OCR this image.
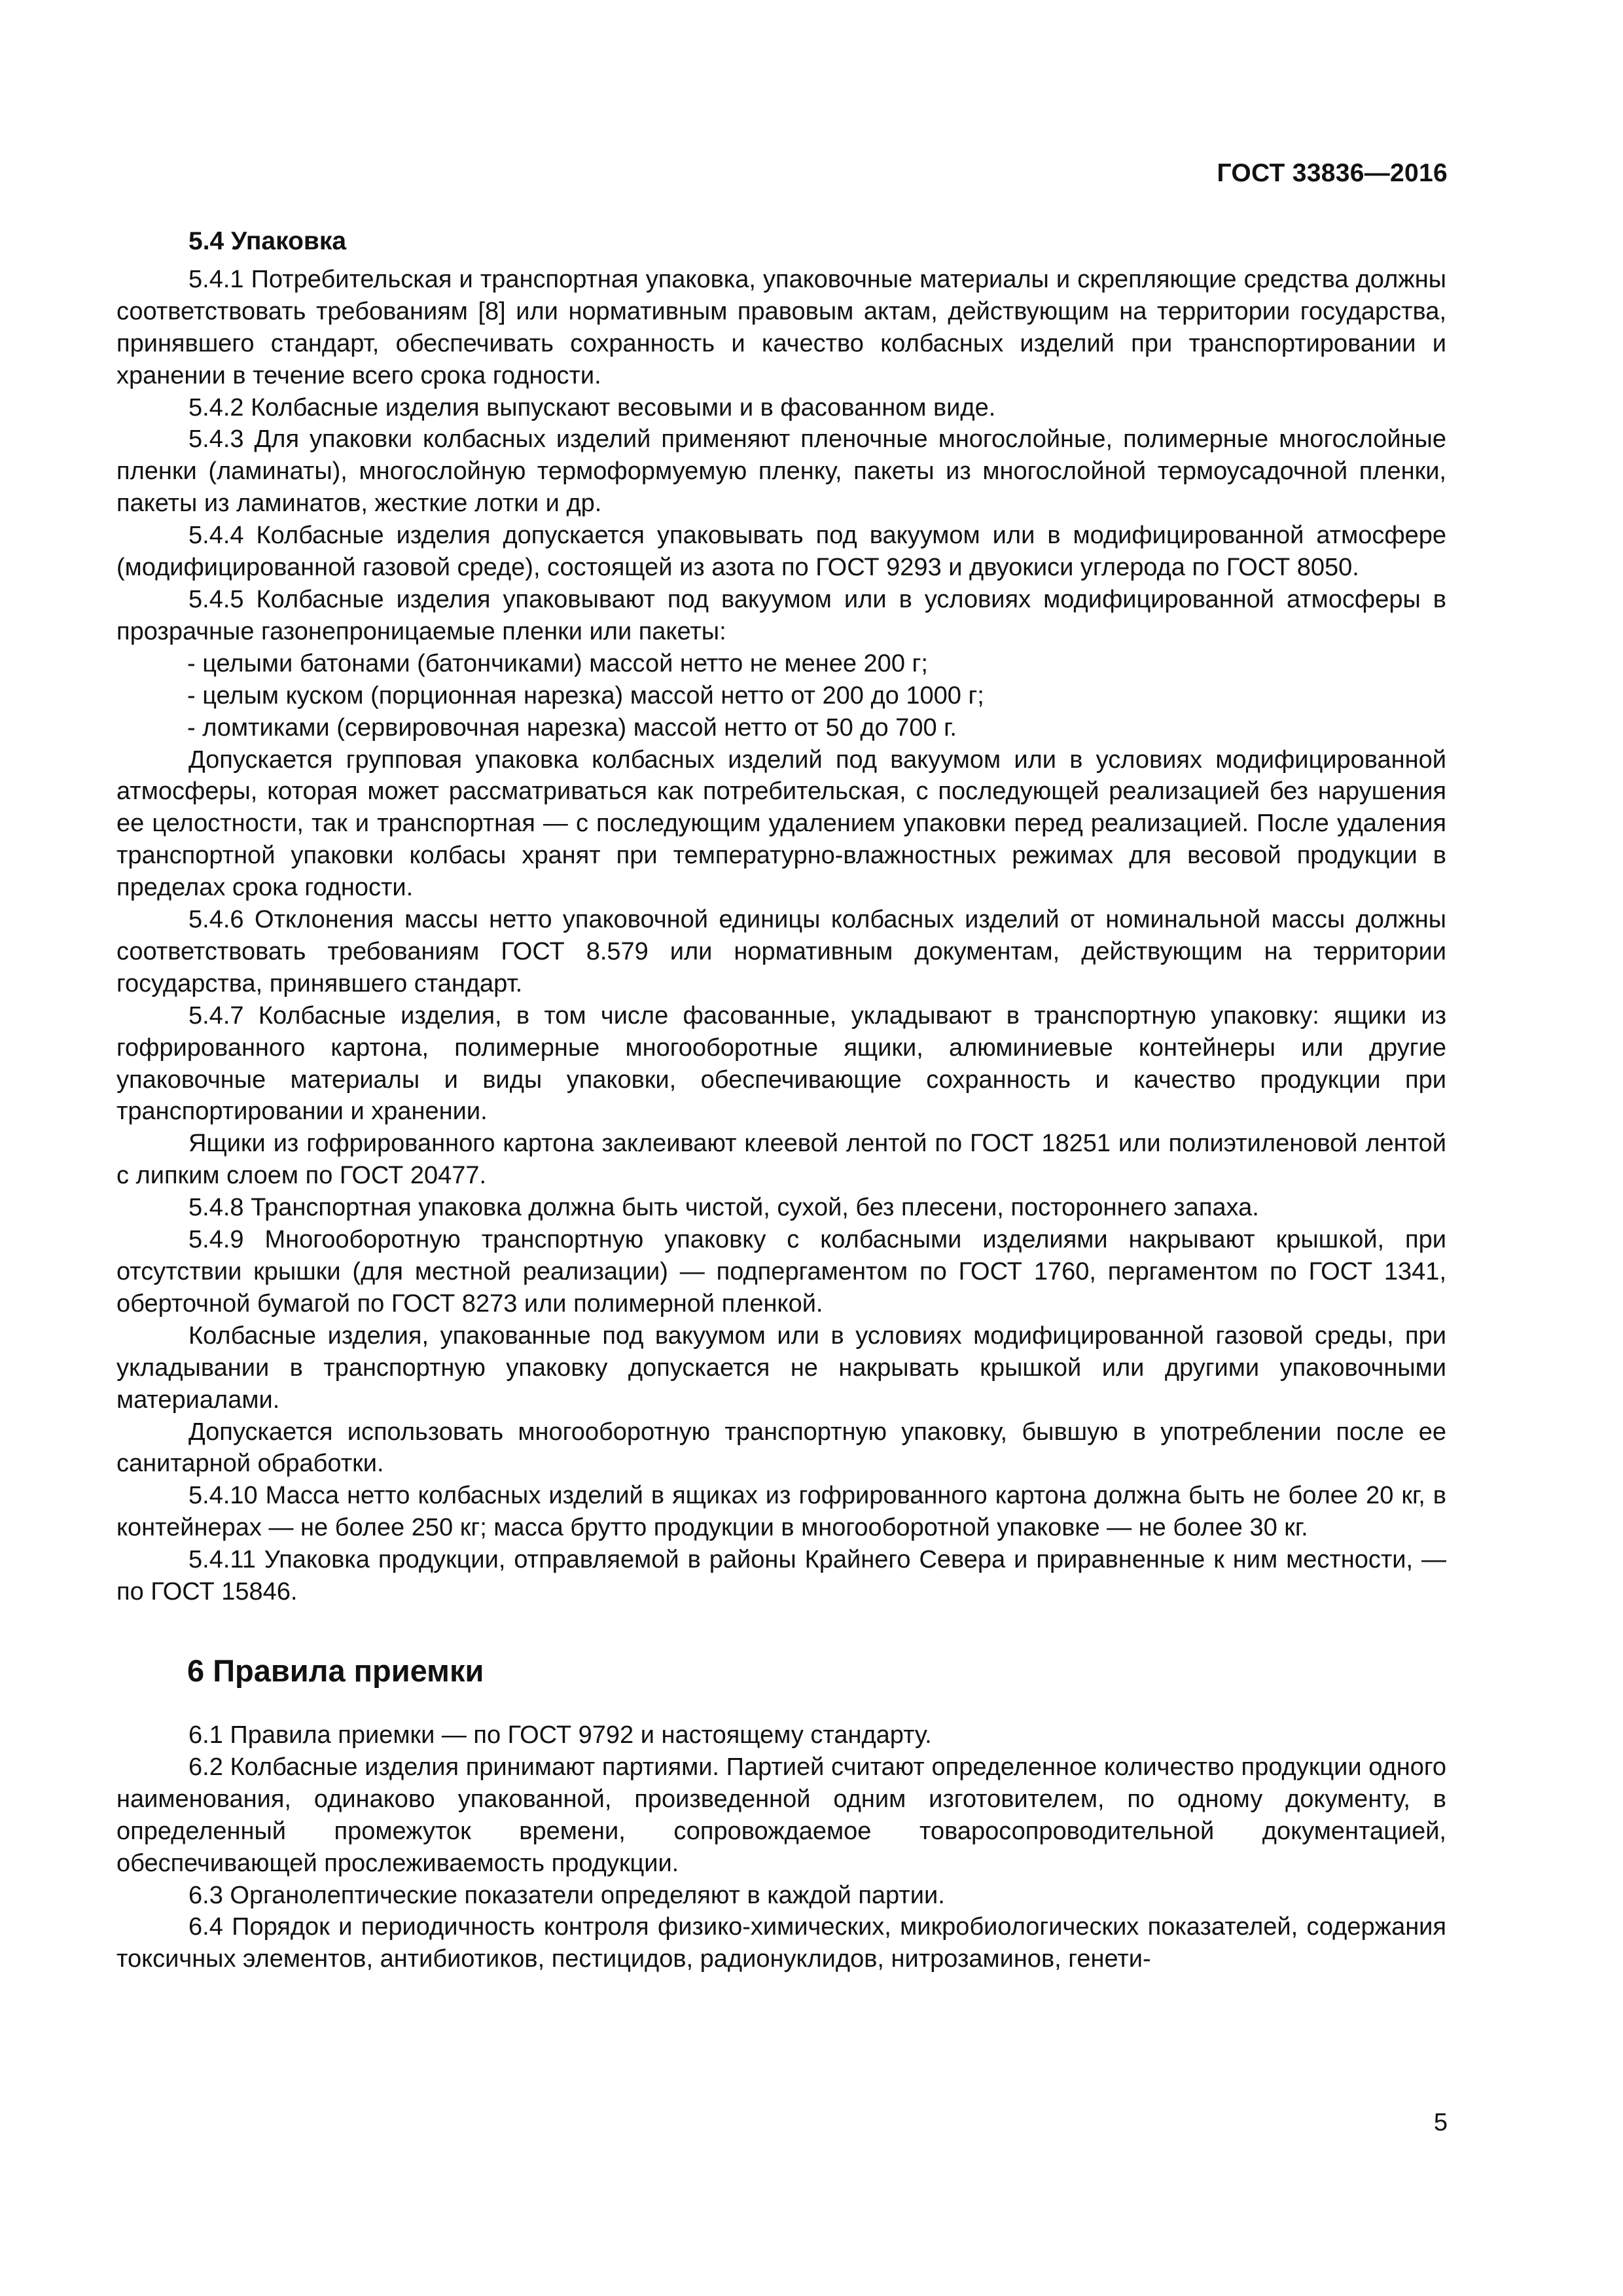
ГОСТ 33836—2016
5.4 Упаковка

5.4.1 Потребительская и транспортная упаковка, упаковочные материалы и скрепляющие средства должны соответствовать требованиям [8] или нормативным правовым актам, действующим на территории государства, принявшего стандарт, обеспечивать сохранность и качество колбасных изделий при транспортировании и хранении в течение всего срока годности.

5.4.2 Колбасные изделия выпускают весовыми и в фасованном виде.

5.4.3 Для упаковки колбасных изделий применяют пленочные многослойные, полимерные многослойные пленки (ламинаты), многослойную термоформуемую пленку, пакеты из многослойной термоусадочной пленки, пакеты из ламинатов, жесткие лотки и др.

5.4.4 Колбасные изделия допускается упаковывать под вакуумом или в модифицированной атмосфере (модифицированной газовой среде), состоящей из азота по ГОСТ 9293 и двуокиси углерода по ГОСТ 8050.

5.4.5 Колбасные изделия упаковывают под вакуумом или в условиях модифицированной атмосферы в прозрачные газонепроницаемые пленки или пакеты:

- целыми батонами (батончиками) массой нетто не менее 200 г;

- целым куском (порционная нарезка) массой нетто от 200 до 1000 г;

- ломтиками (сервировочная нарезка) массой нетто от 50 до 700 г.

Допускается групповая упаковка колбасных изделий под вакуумом или в условиях модифицированной атмосферы, которая может рассматриваться как потребительская, с последующей реализацией без нарушения ее целостности, так и транспортная — с последующим удалением упаковки перед реализацией. После удаления транспортной упаковки колбасы хранят при температурно-влажностных режимах для весовой продукции в пределах срока годности.

5.4.6 Отклонения массы нетто упаковочной единицы колбасных изделий от номинальной массы должны соответствовать требованиям ГОСТ 8.579 или нормативным документам, действующим на территории государства, принявшего стандарт.

5.4.7 Колбасные изделия, в том числе фасованные, укладывают в транспортную упаковку: ящики из гофрированного картона, полимерные многооборотные ящики, алюминиевые контейнеры или другие упаковочные материалы и виды упаковки, обеспечивающие сохранность и качество продукции при транспортировании и хранении.

Ящики из гофрированного картона заклеивают клеевой лентой по ГОСТ 18251 или полиэтиленовой лентой с липким слоем по ГОСТ 20477.

5.4.8 Транспортная упаковка должна быть чистой, сухой, без плесени, постороннего запаха.

5.4.9 Многооборотную транспортную упаковку с колбасными изделиями накрывают крышкой, при отсутствии крышки (для местной реализации) — подпергаментом по ГОСТ 1760, пергаментом по ГОСТ 1341, оберточной бумагой по ГОСТ 8273 или полимерной пленкой.

Колбасные изделия, упакованные под вакуумом или в условиях модифицированной газовой среды, при укладывании в транспортную упаковку допускается не накрывать крышкой или другими упаковочными материалами.

Допускается использовать многооборотную транспортную упаковку, бывшую в употреблении после ее санитарной обработки.

5.4.10 Масса нетто колбасных изделий в ящиках из гофрированного картона должна быть не более 20 кг, в контейнерах — не более 250 кг; масса брутто продукции в многооборотной упаковке — не более 30 кг.

5.4.11 Упаковка продукции, отправляемой в районы Крайнего Севера и приравненные к ним местности, — по ГОСТ 15846.

6 Правила приемки

6.1 Правила приемки — по ГОСТ 9792 и настоящему стандарту.

6.2 Колбасные изделия принимают партиями. Партией считают определенное количество продукции одного наименования, одинаково упакованной, произведенной одним изготовителем, по одному документу, в определенный промежуток времени, сопровождаемое товаросопроводительной документацией, обеспечивающей прослеживаемость продукции.

6.3 Органолептические показатели определяют в каждой партии.

6.4 Порядок и периодичность контроля физико-химических, микробиологических показателей, содержания токсичных элементов, антибиотиков, пестицидов, радионуклидов, нитрозаминов, генети-

5
